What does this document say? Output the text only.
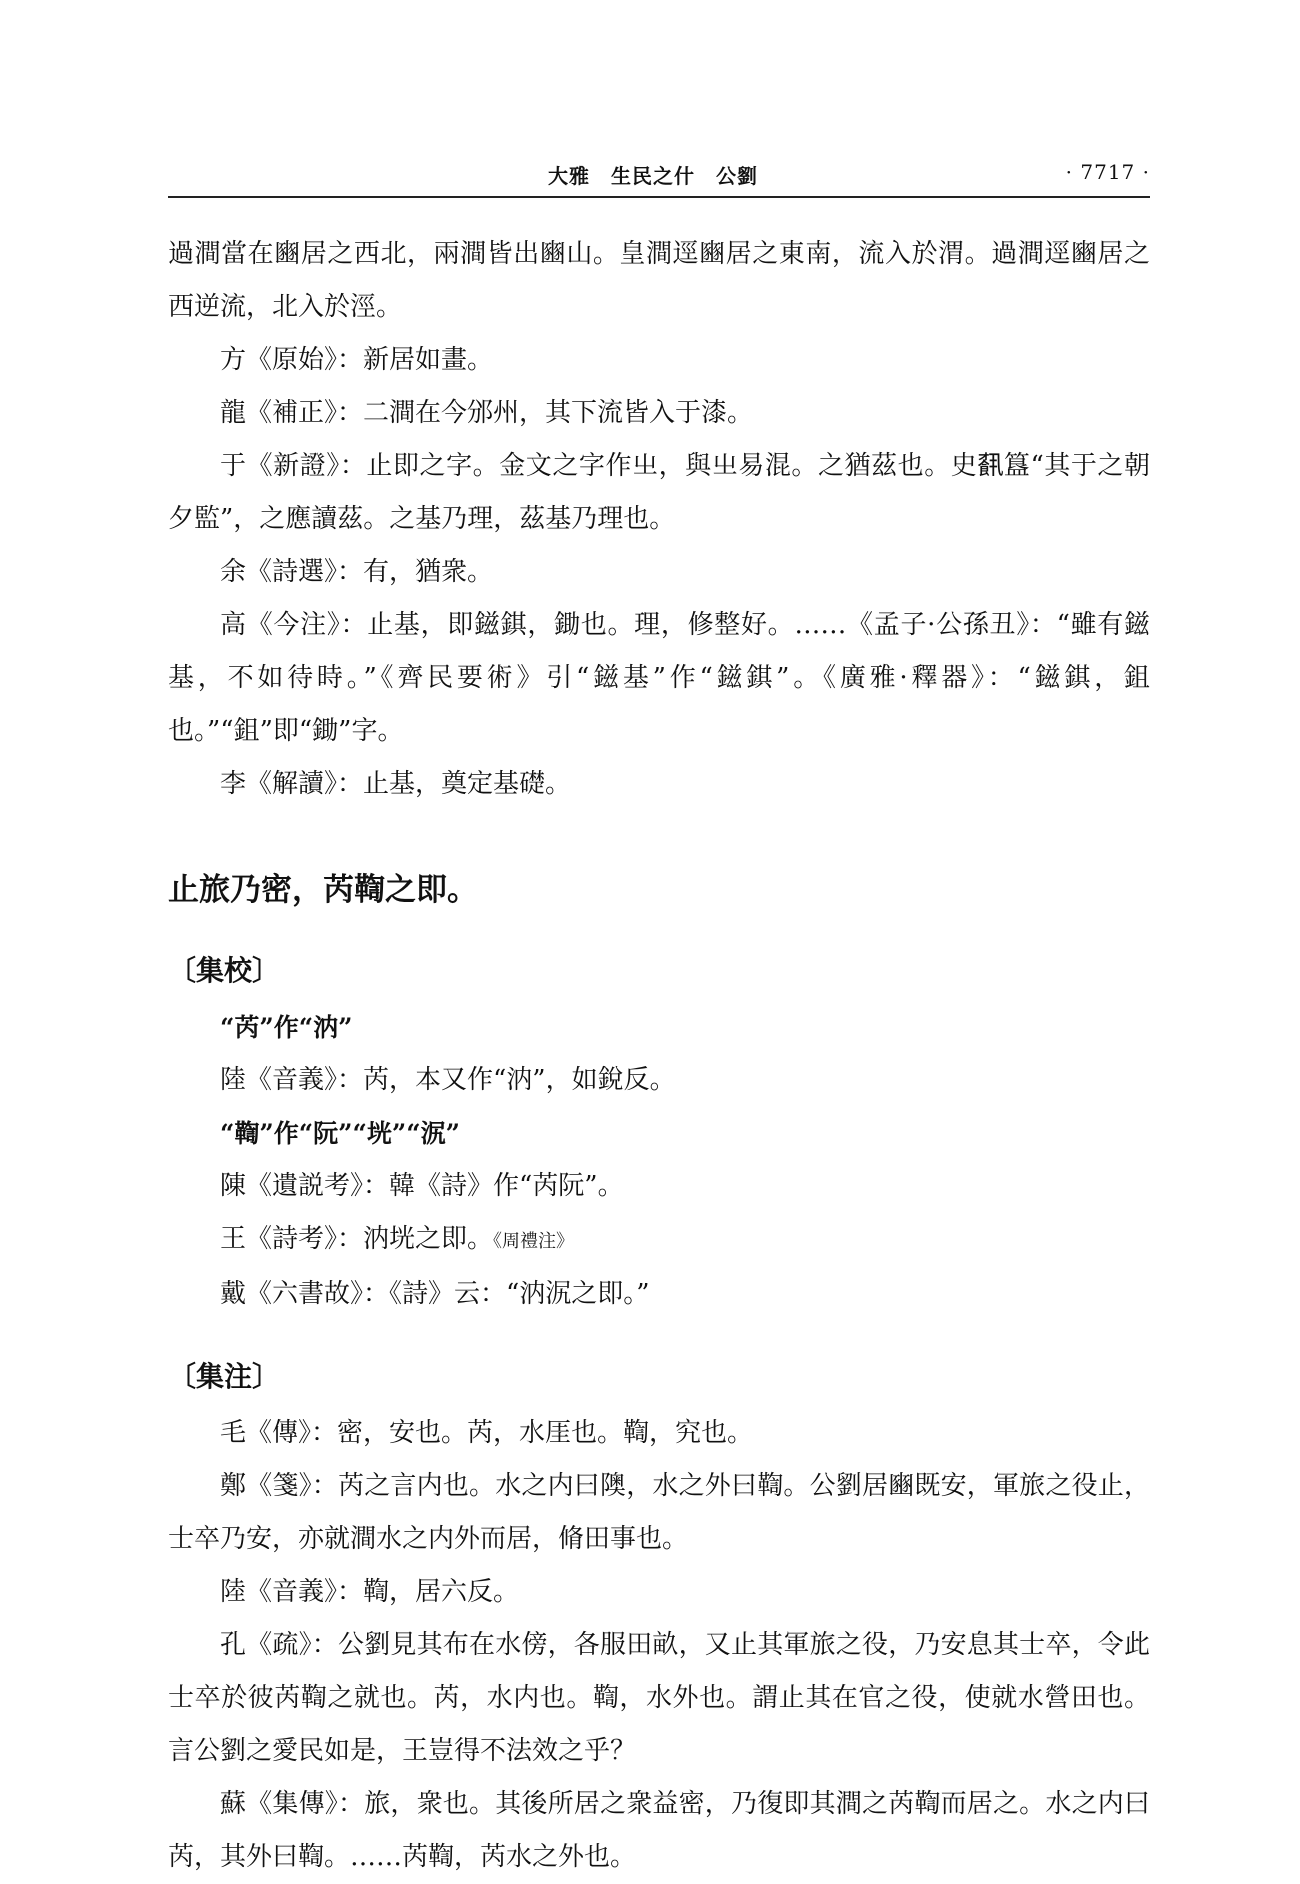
大雅　生民之什　公劉	· 7717 ·

過澗當在豳居之西北，兩澗皆出豳山。皇澗逕豳居之東南，流入於渭。過澗逕豳居之西逆流，北入於涇。

方《原始》：新居如畫。

龍《補正》：二澗在今邠州，其下流皆入于漆。

于《新證》：止即之字。金文之字作㞢，與㞢易混。之猶茲也。史𩛥簋“其于之朝夕監”，之應讀茲。之基乃理，茲基乃理也。

余《詩選》：有，猶衆。

高《今注》：止基，即鎡錤，鋤也。理，修整好。……《孟子·公孫丑》：“雖有鎡基，不如待時。”《齊民要術》引“鎡基”作“鎡錤”。《廣雅·釋器》：“鎡錤，鉏也。”“鉏”即“鋤”字。

李《解讀》：止基，奠定基礎。

止旅乃密，芮鞫之即。

〔集校〕

“芮”作“汭”

陸《音義》：芮，本又作“汭”，如銳反。

“鞫”作“阮”“垙”“泦”

陳《遺説考》：韓《詩》作“芮阮”。

王《詩考》：汭垙之即。《周禮注》

戴《六書故》：《詩》云：“汭泦之即。”

〔集注〕

毛《傳》：密，安也。芮，水厓也。鞫，究也。

鄭《箋》：芮之言内也。水之内曰隩，水之外曰鞫。公劉居豳既安，軍旅之役止，士卒乃安，亦就澗水之内外而居，脩田事也。

陸《音義》：鞫，居六反。

孔《疏》：公劉見其布在水傍，各服田畝，又止其軍旅之役，乃安息其士卒，令此士卒於彼芮鞫之就也。芮，水内也。鞫，水外也。謂止其在官之役，使就水營田也。言公劉之愛民如是，王豈得不法效之乎？

蘇《集傳》：旅，衆也。其後所居之衆益密，乃復即其澗之芮鞫而居之。水之内曰芮，其外曰鞫。……芮鞫，芮水之外也。
